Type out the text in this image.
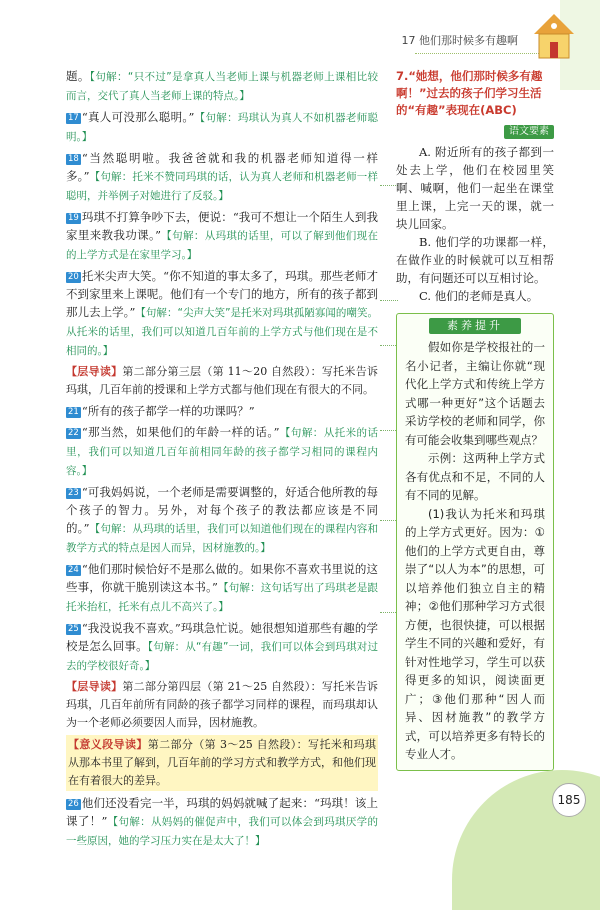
17 他们那时候多有趣啊

题。【句解：“只不过”是拿真人当老师上课与机器老师上课相比较而言，交代了真人当老师上课的特点。】

17 “真人可没那么聪明。”【句解：玛琪认为真人不如机器老师聪明。】

18 “当然聪明啦。我爸爸就和我的机器老师知道得一样多。”【句解：托米不赞同玛琪的话，认为真人老师和机器老师一样聪明，并举例子对她进行了反驳。】

19 玛琪不打算争吵下去，便说：“我可不想让一个陌生人到我家里来教我功课。”【句解：从玛琪的话里，可以了解到他们现在的上学方式是在家里学习。】

20 托米尖声大笑。“你不知道的事太多了，玛琪。那些老师才不到家里来上课呢。他们有一个专门的地方，所有的孩子都到那儿去上学。”【句解：“尖声大笑”是托米对玛琪孤陋寡闻的嘲笑。从托米的话里，我们可以知道几百年前的上学方式与他们现在是不相同的。】

【层导读】第二部分第三层（第 11～20 自然段）：写托米告诉玛琪，几百年前的授课和上学方式都与他们现在有很大的不同。

21 “所有的孩子都学一样的功课吗？”

22 “那当然，如果他们的年龄一样的话。”【句解：从托米的话里，我们可以知道几百年前相同年龄的孩子都学习相同的课程内容。】

23 “可我妈妈说，一个老师是需要调整的，好适合他所教的每个孩子的智力。另外，对每个孩子的教法都应该是不同的。”【句解：从玛琪的话里，我们可以知道他们现在的课程内容和教学方式的特点是因人而异，因材施教的。】

24 “他们那时候恰好不是那么做的。如果你不喜欢书里说的这些事，你就干脆别读这本书。”【句解：这句话写出了玛琪老是跟托米抬杠，托米有点儿不高兴了。】

25 “我没说我不喜欢。”玛琪急忙说。她很想知道那些有趣的学校是怎么回事。【句解：从“有趣”一词，我们可以体会到玛琪对过去的学校很好奇。】

【层导读】第二部分第四层（第 21～25 自然段）：写托米告诉玛琪，几百年前所有同龄的孩子都学习同样的课程，而玛琪却认为一个老师必须要因人而异，因材施教。

【意义段导读】第二部分（第 3～25 自然段）：写托米和玛琪从那本书里了解到，几百年前的学习方式和教学方式，和他们现在有着很大的差异。

26 他们还没看完一半，玛琪的妈妈就喊了起来：“玛琪！该上课了！”【句解：从妈妈的催促声中，我们可以体会到玛琪厌学的一些原因，她的学习压力实在是太大了！】

7.“她想，他们那时候多有趣啊！”过去的孩子们学习生活的“有趣”表现在(ABC)
语文要素

A. 附近所有的孩子都到一处去上学，他们在校园里笑啊、喊啊，他们一起坐在课堂里上课，上完一天的课，就一块儿回家。

B. 他们学的功课都一样，在做作业的时候就可以互相帮助，有问题还可以互相讨论。

C. 他们的老师是真人。

素养提升

假如你是学校报社的一名小记者，主编让你就“现代化上学方式和传统上学方式哪一种更好”这个话题去采访学校的老师和同学，你有可能会收集到哪些观点？

示例：这两种上学方式各有优点和不足，不同的人有不同的见解。

(1)我认为托米和玛琪的上学方式更好。因为：①他们的上学方式更自由，尊崇了“以人为本”的思想，可以培养他们独立自主的精神；②他们那种学习方式很方便，也很快捷，可以根据学生不同的兴趣和爱好，有针对性地学习，学生可以获得更多的知识，阅读面更广；③他们那种“因人而异、因材施教”的教学方式，可以培养更多有特长的专业人才。

185
